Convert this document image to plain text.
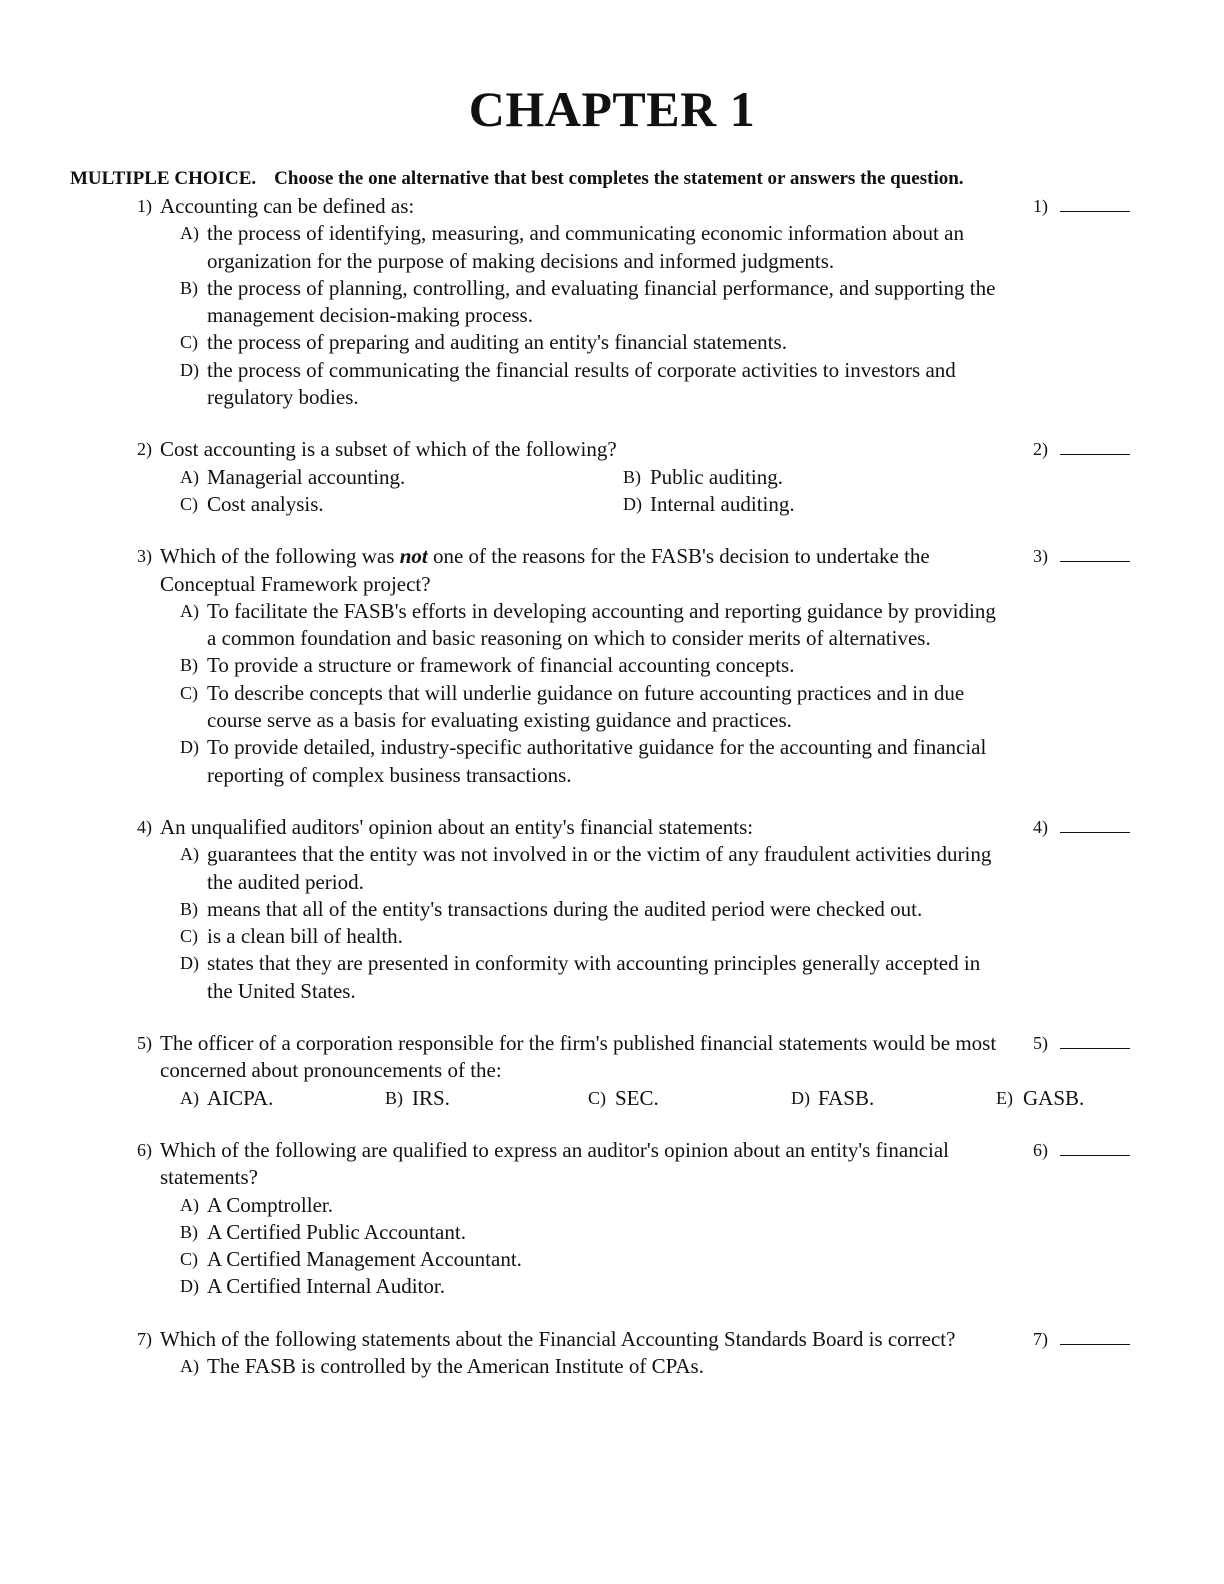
CHAPTER 1
MULTIPLE CHOICE. Choose the one alternative that best completes the statement or answers the question.
1) Accounting can be defined as:	1)
A) the process of identifying, measuring, and communicating economic information about an organization for the purpose of making decisions and informed judgments.
B) the process of planning, controlling, and evaluating financial performance, and supporting the management decision-making process.
C) the process of preparing and auditing an entity's financial statements.
D) the process of communicating the financial results of corporate activities to investors and regulatory bodies.
2) Cost accounting is a subset of which of the following?	2)
A) Managerial accounting.	B) Public auditing.
C) Cost analysis.	D) Internal auditing.
3) Which of the following was not one of the reasons for the FASB's decision to undertake the Conceptual Framework project?
3)
A) To facilitate the FASB's efforts in developing accounting and reporting guidance by providing a common foundation and basic reasoning on which to consider merits of alternatives.
B) To provide a structure or framework of financial accounting concepts.
C) To describe concepts that will underlie guidance on future accounting practices and in due course serve as a basis for evaluating existing guidance and practices.
D) To provide detailed, industry-specific authoritative guidance for the accounting and financial reporting of complex business transactions.
4) An unqualified auditors' opinion about an entity's financial statements:	4)
A) guarantees that the entity was not involved in or the victim of any fraudulent activities during the audited period.
B) means that all of the entity's transactions during the audited period were checked out.
C) is a clean bill of health.
D) states that they are presented in conformity with accounting principles generally accepted in the United States.
5) The officer of a corporation responsible for the firm's published financial statements would be most concerned about pronouncements of the:
5)
A) AICPA.	B) IRS.	C) SEC.	D) FASB.	E) GASB.
6) Which of the following are qualified to express an auditor's opinion about an entity's financial statements?
6)
A) A Comptroller.
B) A Certified Public Accountant.
C) A Certified Management Accountant.
D) A Certified Internal Auditor.
7) Which of the following statements about the Financial Accounting Standards Board is correct?	7)
A) The FASB is controlled by the American Institute of CPAs.
